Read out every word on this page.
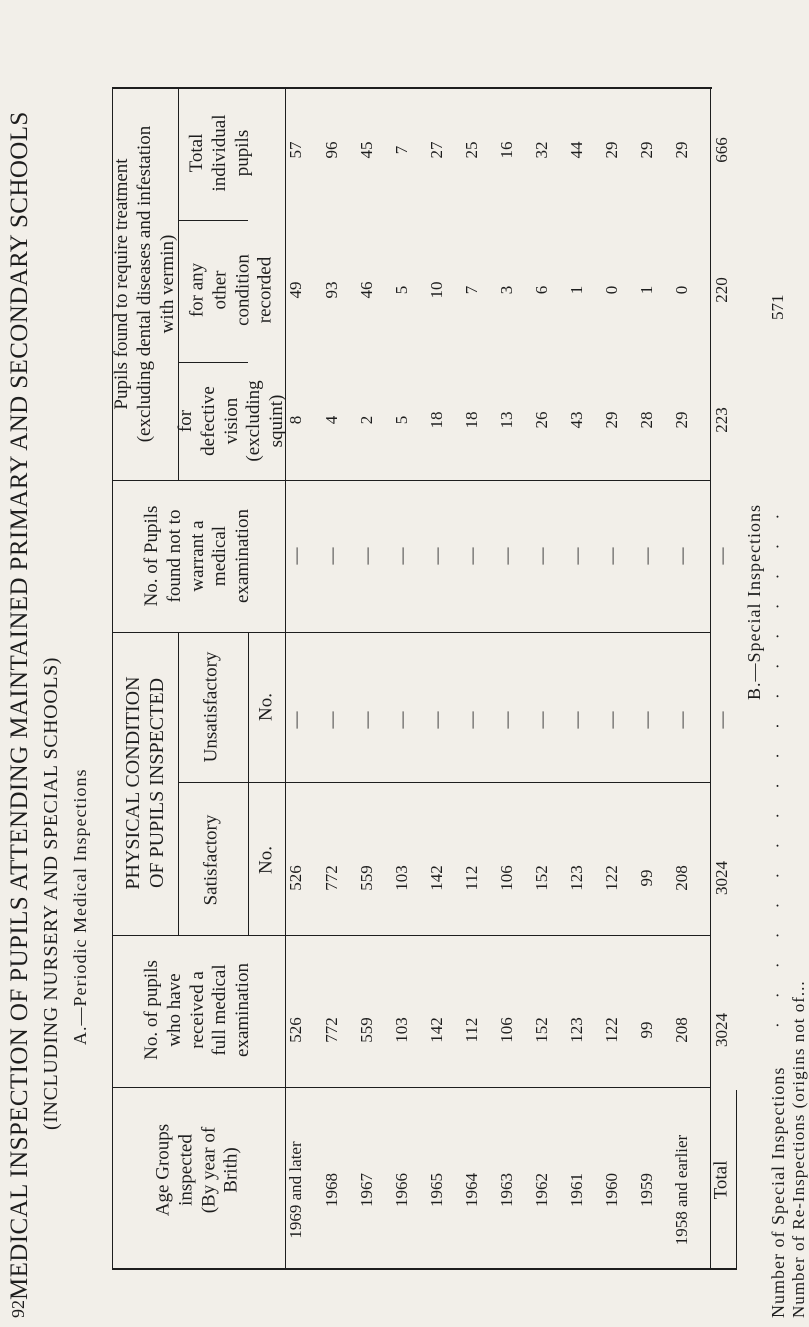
92
MEDICAL INSPECTION OF PUPILS ATTENDING MAINTAINED PRIMARY AND SECONDARY SCHOOLS (INCLUDING NURSERY AND SPECIAL SCHOOLS) A.—Periodic Medical Inspections
Age Groups
inspected
(By year of
Brith)
No. of pupils
who have
received a
full medical
examination
PHYSICAL CONDITION
OF PUPILS INSPECTED
Satisfactory
Unsatisfactory
No.
No.
No. of Pupils
found not to
warrant a
medical
examination
Pupils found to require treatment
(excluding dental diseases and infestation
with vermin)
for
defective
vision
(excluding
squint)
for any
other
condition
recorded
Total
individual
pupils
1969 and later
526
526
—
—
8
49
57
1968
772
772
—
—
4
93
96
1967
559
559
—
—
2
46
45
1966
103
103
—
—
5
5
7
1965
142
142
—
—
18
10
27
1964
112
112
—
—
18
7
25
1963
106
106
—
—
13
3
16
1962
152
152
—
—
26
6
32
1961
123
123
—
—
43
1
44
1960
122
122
—
—
29
0
29
1959
99
99
—
—
28
1
29
1958 and earlier
208
208
—
—
29
0
29
Total
3024
3024
—
—
223
220
666
B.—Special Inspections
Number of Special Inspections
· · · · · · · · · · · · · · · · · ·
571
Number of Re-Inspections (origins not of...
